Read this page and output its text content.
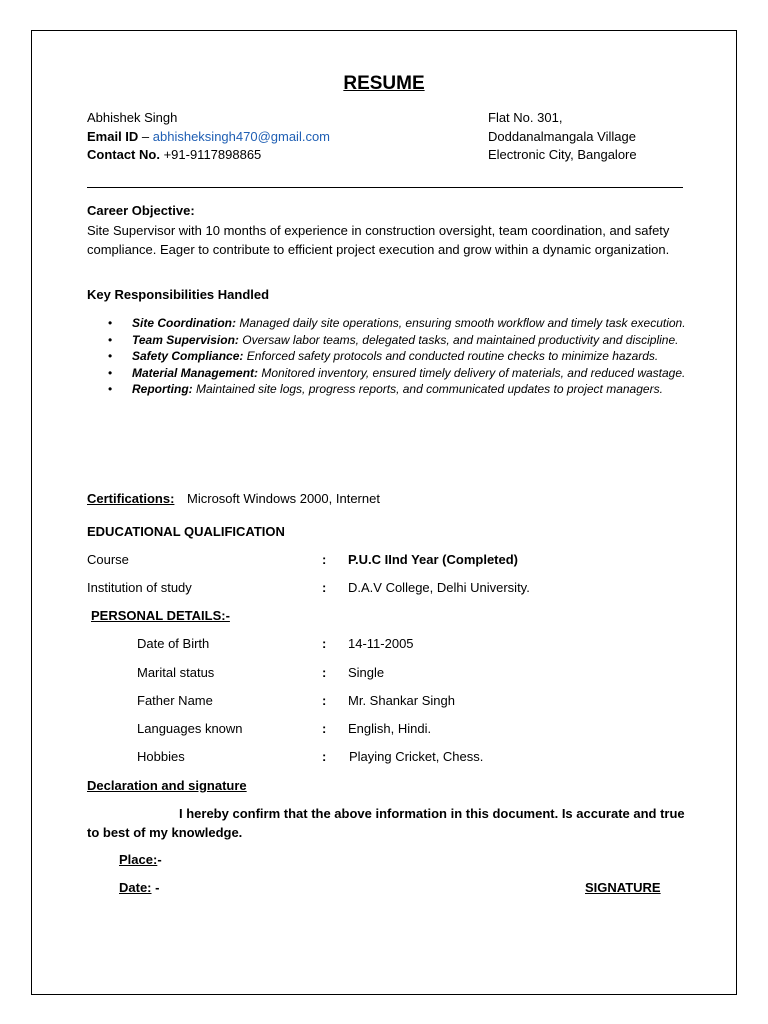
RESUME
Abhishek Singh
Email ID – abhisheksingh470@gmail.com
Contact No. +91-9117898865
Flat No. 301,
Doddanalmangala Village
Electronic City, Bangalore
Career Objective:
Site Supervisor with 10 months of experience in construction oversight, team coordination, and safety compliance. Eager to contribute to efficient project execution and grow within a dynamic organization.
Key Responsibilities Handled
• Site Coordination: Managed daily site operations, ensuring smooth workflow and timely task execution.
• Team Supervision: Oversaw labor teams, delegated tasks, and maintained productivity and discipline.
• Safety Compliance: Enforced safety protocols and conducted routine checks to minimize hazards.
• Material Management: Monitored inventory, ensured timely delivery of materials, and reduced wastage.
• Reporting: Maintained site logs, progress reports, and communicated updates to project managers.
Certifications: Microsoft Windows 2000, Internet
EDUCATIONAL QUALIFICATION
Course	: P.U.C IInd Year (Completed)
Institution of study	: D.A.V College, Delhi University.
PERSONAL DETAILS:-
Date of Birth	: 14-11-2005
Marital status	: Single
Father Name	: Mr. Shankar Singh
Languages known	: English, Hindi.
Hobbies	: Playing Cricket, Chess.
Declaration and signature
I hereby confirm that the above information in this document. Is accurate and true to best of my knowledge.
Place:-
Date: -	SIGNATURE
